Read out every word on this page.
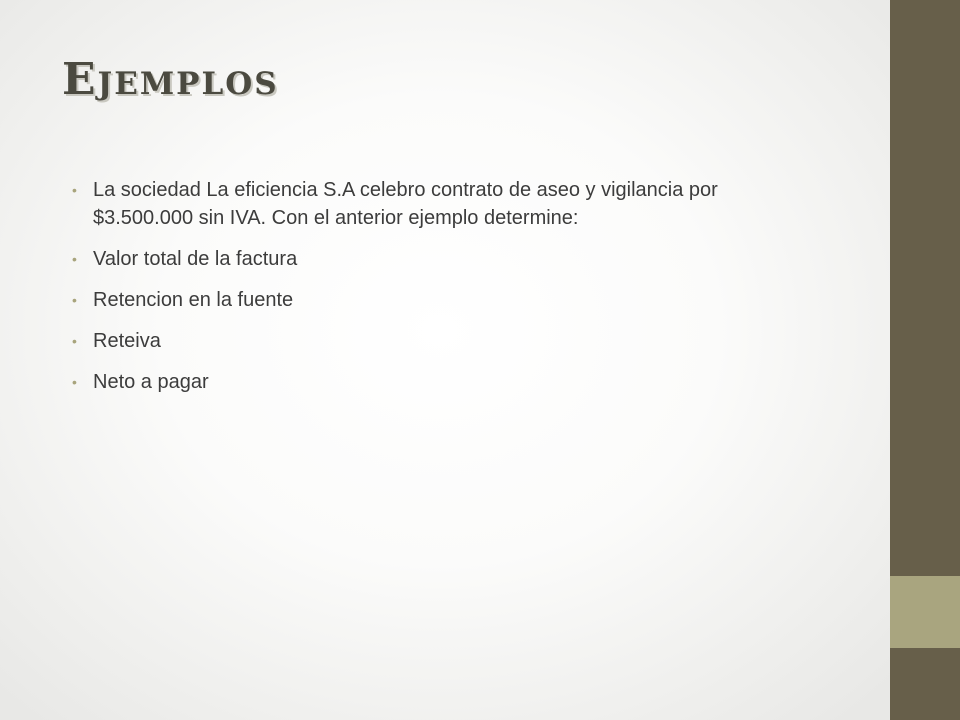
Ejemplos
• La sociedad La eficiencia S.A celebro contrato de aseo y vigilancia por $3.500.000 sin IVA. Con el anterior ejemplo determine:
• Valor total de la factura
• Retencion en la fuente
• Reteiva
• Neto a pagar
